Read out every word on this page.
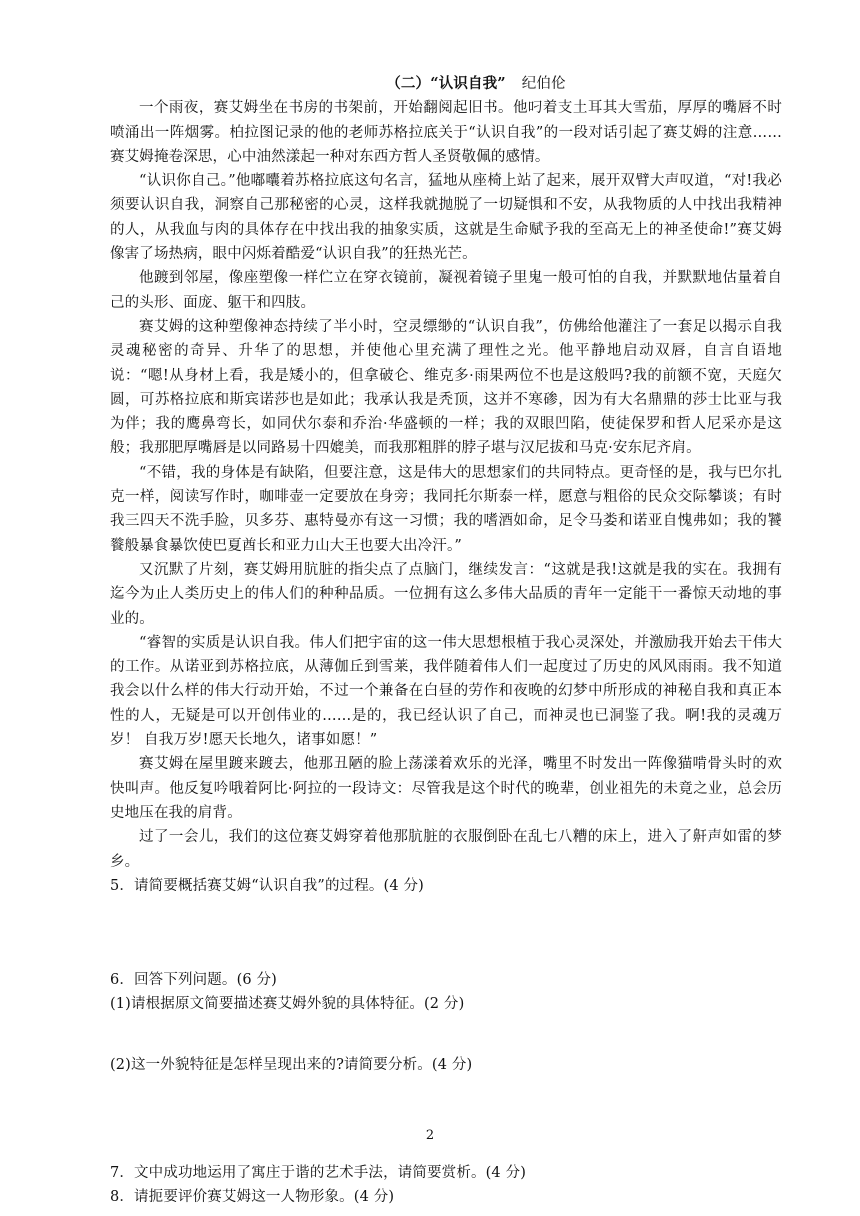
（二）“认识自我” 纪伯伦

一个雨夜，赛艾姆坐在书房的书架前，开始翻阅起旧书。他叼着支土耳其大雪茄，厚厚的嘴唇不时喷涌出一阵烟雾。柏拉图记录的他的老师苏格拉底关于“认识自我”的一段对话引起了赛艾姆的注意……赛艾姆掩卷深思，心中油然漾起一种对东西方哲人圣贤敬佩的感情。

“认识你自己。”他嘟囔着苏格拉底这句名言，猛地从座椅上站了起来，展开双臂大声叹道，“对!我必须要认识自我，洞察自己那秘密的心灵，这样我就抛脱了一切疑惧和不安，从我物质的人中找出我精神的人，从我血与肉的具体存在中找出我的抽象实质，这就是生命赋予我的至高无上的神圣使命!”赛艾姆像害了场热病，眼中闪烁着酷爱“认识自我”的狂热光芒。

他踱到邻屋，像座塑像一样伫立在穿衣镜前，凝视着镜子里鬼一般可怕的自我，并默默地估量着自己的头形、面庞、躯干和四肢。

赛艾姆的这种塑像神态持续了半小时，空灵缥缈的“认识自我”，仿佛给他灌注了一套足以揭示自我灵魂秘密的奇异、升华了的思想，并使他心里充满了理性之光。他平静地启动双唇，自言自语地说：“嗯!从身材上看，我是矮小的，但拿破仑、维克多·雨果两位不也是这般吗?我的前额不宽，天庭欠圆，可苏格拉底和斯宾诺莎也是如此；我承认我是秃顶，这并不寒碜，因为有大名鼎鼎的莎士比亚与我为伴；我的鹰鼻弯长，如同伏尔泰和乔治·华盛顿的一样；我的双眼凹陷，使徒保罗和哲人尼采亦是这般；我那肥厚嘴唇是以同路易十四媲美，而我那粗胖的脖子堪与汉尼拔和马克·安东尼齐肩。

“不错，我的身体是有缺陷，但要注意，这是伟大的思想家们的共同特点。更奇怪的是，我与巴尔扎克一样，阅读写作时，咖啡壶一定要放在身旁；我同托尔斯泰一样，愿意与粗俗的民众交际攀谈；有时我三四天不洗手脸，贝多芬、惠特曼亦有这一习惯；我的嗜酒如命，足令马娄和诺亚自愧弗如；我的饕餮般暴食暴饮使巴夏酋长和亚力山大王也要大出冷汗。”

又沉默了片刻，赛艾姆用肮脏的指尖点了点脑门，继续发言：“这就是我!这就是我的实在。我拥有迄今为止人类历史上的伟人们的种种品质。一位拥有这么多伟大品质的青年一定能干一番惊天动地的事业的。

“睿智的实质是认识自我。伟人们把宇宙的这一伟大思想根植于我心灵深处，并激励我开始去干伟大的工作。从诺亚到苏格拉底，从薄伽丘到雪莱，我伴随着伟人们一起度过了历史的风风雨雨。我不知道我会以什么样的伟大行动开始，不过一个兼备在白昼的劳作和夜晚的幻梦中所形成的神秘自我和真正本性的人，无疑是可以开创伟业的……是的，我已经认识了自己，而神灵也已洞鉴了我。啊!我的灵魂万岁！ 自我万岁!愿天长地久，诸事如愿！”

赛艾姆在屋里踱来踱去，他那丑陋的脸上荡漾着欢乐的光泽，嘴里不时发出一阵像猫啃骨头时的欢快叫声。他反复吟哦着阿比·阿拉的一段诗文：尽管我是这个时代的晚辈，创业祖先的未竟之业，总会历史地压在我的肩背。

过了一会儿，我们的这位赛艾姆穿着他那肮脏的衣服倒卧在乱七八糟的床上，进入了鼾声如雷的梦乡。

5．请简要概括赛艾姆“认识自我”的过程。(4 分)

6．回答下列问题。(6 分)

(1)请根据原文简要描述赛艾姆外貌的具体特征。(2 分)

(2)这一外貌特征是怎样呈现出来的?请简要分析。(4 分)

7．文中成功地运用了寓庄于谐的艺术手法，请简要赏析。(4 分)

8．请扼要评价赛艾姆这一人物形象。(4 分)

2
